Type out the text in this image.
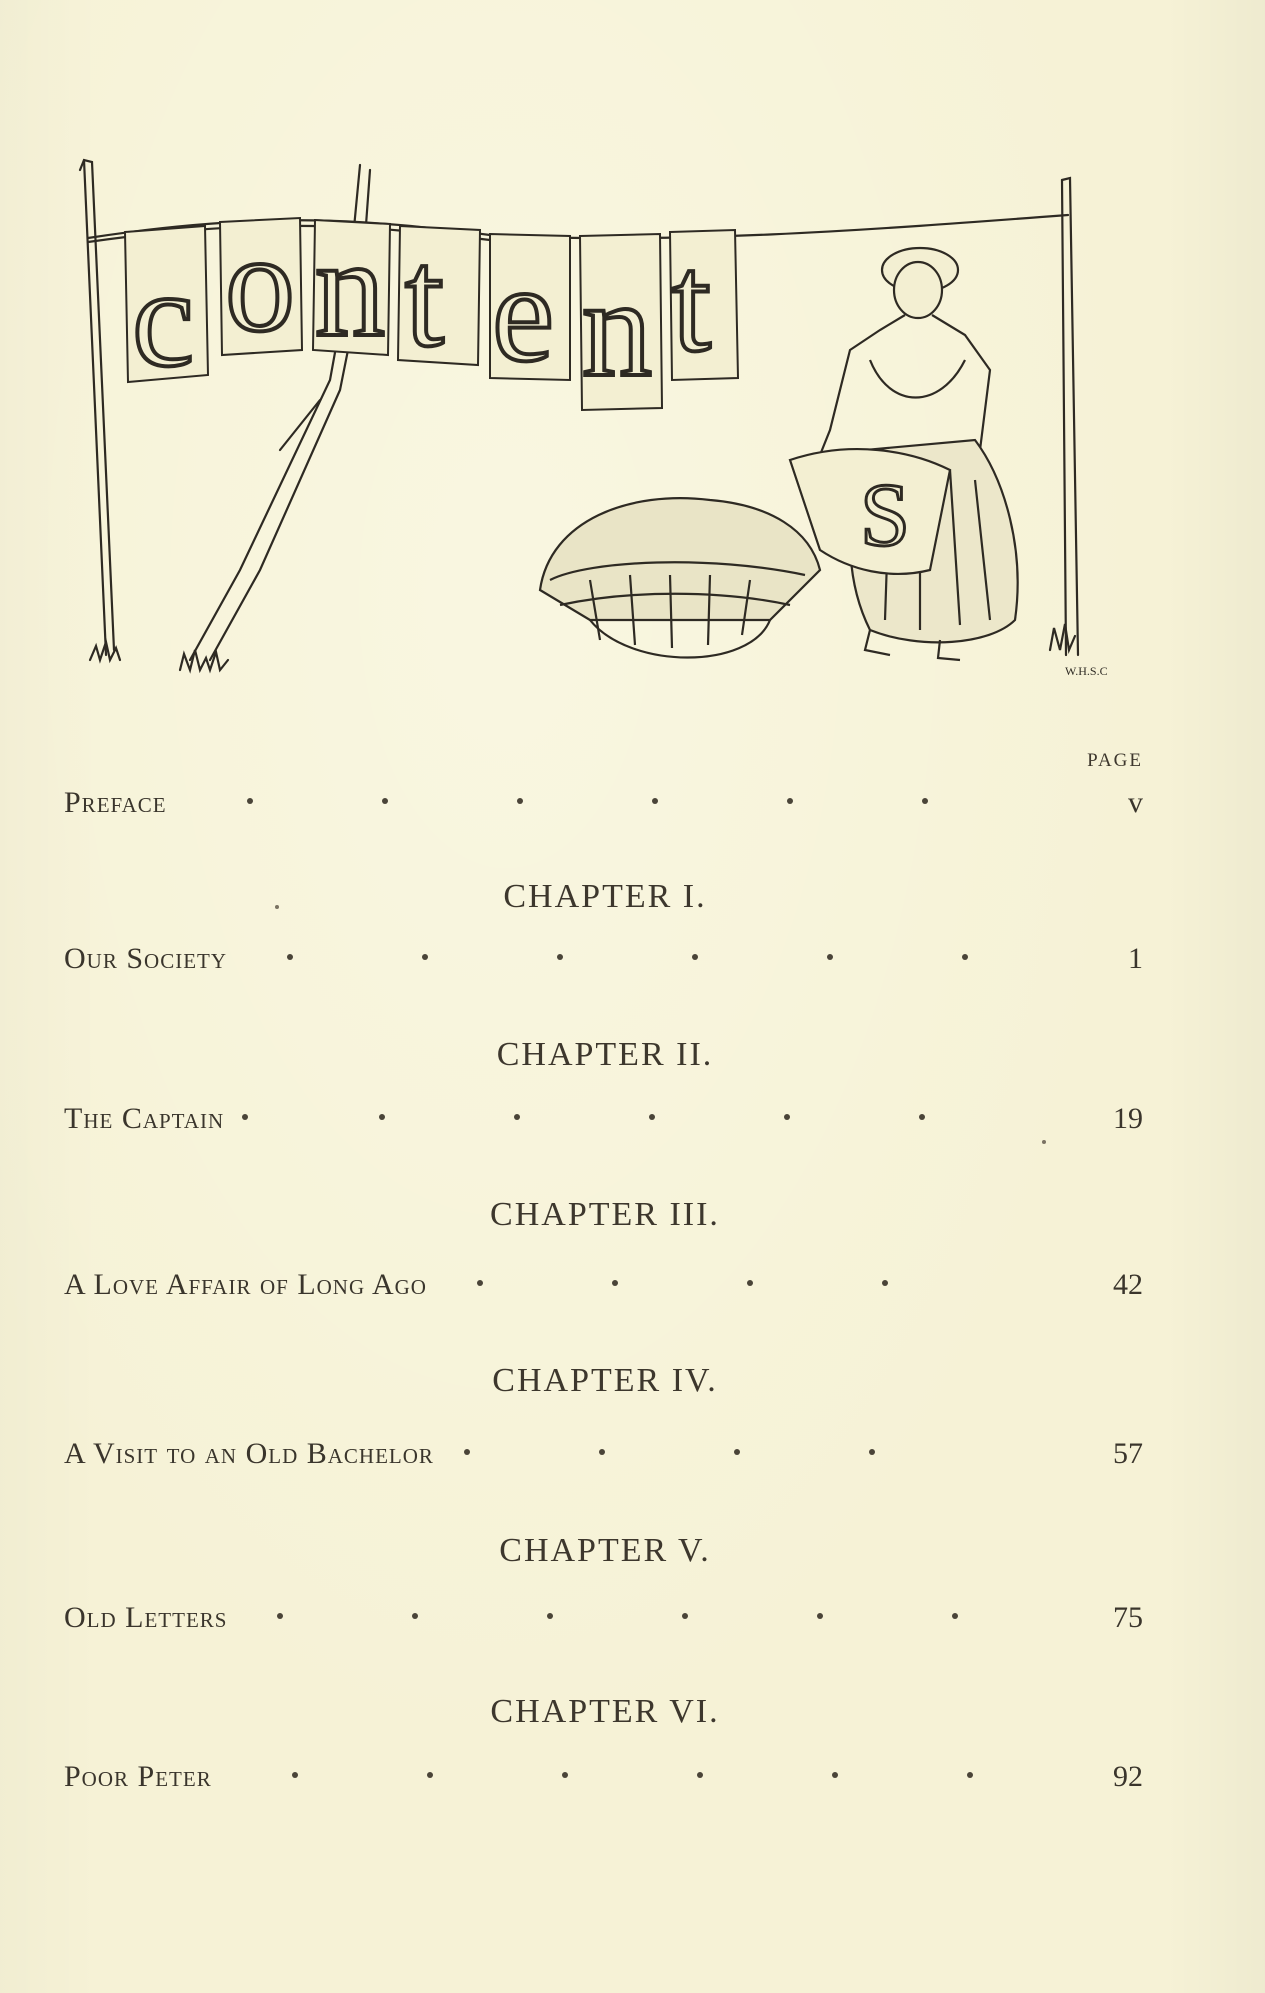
c o n t e n t
S
W.H.S.C
PAGE
Preface	v
CHAPTER I.
Our Society	1
CHAPTER II.
The Captain	19
CHAPTER III.
A Love Affair of Long Ago	42
CHAPTER IV.
A Visit to an Old Bachelor	57
CHAPTER V.
Old Letters	75
CHAPTER VI.
Poor Peter	92
